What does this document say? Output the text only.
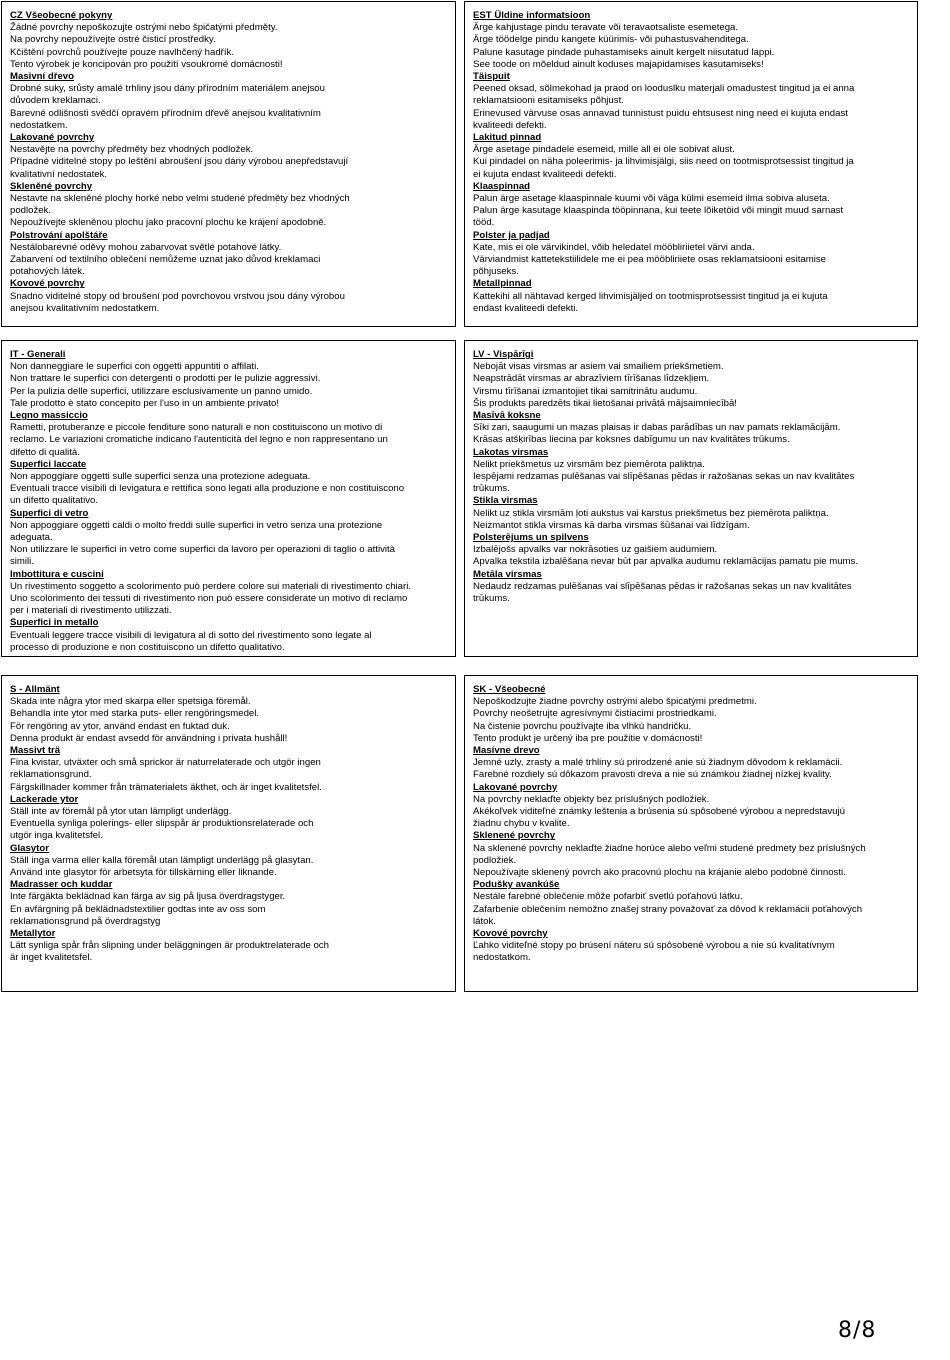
CZ Všeobecné pokyny
Žádné povrchy nepoškozujte ostrými nebo špičatými předměty.
Na povrchy nepoužívejte ostré čisticí prostředky.
Kčištění povrchů používejte pouze navlhčený hadřík.
Tento výrobek je koncipován pro použití vsoukromé domácnosti!
Masivní dřevo
Drobné suky, srůsty amalé trhliny jsou dány přírodním materiálem anejsou
důvodem kreklamaci.
Barevné odlišnosti svědčí opravém přírodním dřevě anejsou kvalitativním
nedostatkem.
Lakované povrchy
Nestavějte na povrchy předměty bez vhodných podložek.
Případné viditelné stopy po leštění abroušení jsou dány výrobou anepředstavují
kvalitativní nedostatek.
Skleněné povrchy
Nestavte na skleněné plochy horké nebo velmi studené předměty bez vhodných
podložek.
Nepoužívejte skleněnou plochu jako pracovní plochu ke krájení apodobně.
Polstrování apolštáře
Nestálobarevné oděvy mohou zabarvovat světlé potahové látky.
Zabarvení od textilního oblečení nemůžeme uznat jako důvod kreklamaci
potahových látek.
Kovové povrchy
Snadno viditelné stopy od broušení pod povrchovou vrstvou jsou dány výrobou
anejsou kvalitativním nedostatkem.
EST Üldine informatsioon
Ärge kahjustage pindu teravate või teravaotsaliste esemetega.
Ärge töödelge pindu kangete küürimis- või puhastusvahenditega.
Palune kasutage pindade puhastamiseks ainult kergelt niisutatud lappi.
See toode on mõeldud ainult koduses majapidamises kasutamiseks!
Täispuit
Peened oksad, sõlmekohad ja praod on looduslku materjali omadustest tingitud ja ei anna
reklamatsiooni esitamiseks põhjust.
Erinevused värvuse osas annavad tunnistust puidu ehtsusest ning need ei kujuta endast
kvaliteedi defekti.
Lakitud pinnad
Ärge asetage pindadele esemeid, mille all ei ole sobivat alust.
Kui pindadel on näha poleerimis- ja lihvimisjälgi, siis need on tootmisprotsessist tingitud ja
ei kujuta endast kvaliteedi defekti.
Klaaspinnad
Palun ärge asetage klaaspinnale kuumi või väga külmi esemeid ilma sobiva aluseta.
Palun ärge kasutage klaaspinda tööpinnana, kui teete lõiketöid või mingit muud sarnast
tööd.
Polster ja padjad
Kate, mis ei ole värvikindel, võib heledatel mööbliriietel värvi anda.
Värviandmist kattetekstiilidele me ei pea mööbliriiete osas reklamatsiooni esitamise
põhjuseks.
Metallpinnad
Kattekihi all nähtavad kerged lihvimisjäljed on tootmisprotsessist tingitud ja ei kujuta
endast kvaliteedi defekti.
IT - Generali
Non danneggiare le superfici con oggetti appuntiti o affilati.
Non trattare le superfici con detergenti o prodotti per le pulizie aggressivi.
Per la pulizia delle superfici, utilizzare esclusivamente un panno umido.
Tale prodotto è stato concepito per l'uso in un ambiente privato!
Legno massiccio
Rametti, protuberanze e piccole fenditure sono naturali e non costituiscono un motivo di
reclamo. Le variazioni cromatiche indicano l'autenticità del legno e non rappresentano un
difetto di qualità.
Superfici laccate
Non appoggiare oggetti sulle superfici senza una protezione adeguata.
Eventuali tracce visibili di levigatura e rettifica sono legati alla produzione e non costituiscono
un difetto qualitativo.
Superfici di vetro
Non appoggiare oggetti caldi o molto freddi sulle superfici in vetro senza una protezione
adeguata.
Non utilizzare le superfici in vetro come superfici da lavoro per operazioni di taglio o attività
simili.
Imbottitura e cuscini
Un rivestimento soggetto a scolorimento può perdere colore sui materiali di rivestimento chiari.
Uno scolorimento dei tessuti di rivestimento non può essere considerate un motivo di reclamo
per i materiali di rivestimento utilizzati.
Superfici in metallo
Eventuali leggere tracce visibili di levigatura al di sotto del rivestimento sono legate al
processo di produzione e non costituiscono un difetto qualitativo.
LV - Vispārīgi
Nebojāt visas virsmas ar asiem vai smailiem priekšmetiem.
Neapstrādāt virsmas ar abrazīviem tīrīšanas līdzekļiem.
Virsmu tīrīšanai izmantojiet tikai samitrinātu audumu.
Šis produkts paredzēts tikai lietošanai privātā mājsaimniecībā!
Masīvā koksne
Sīki zari, saaugumi un mazas plaisas ir dabas parādības un nav pamats reklamācijām.
Krāsas atšķirības liecina par koksnes dabīgumu un nav kvalitātes trūkums.
Lakotas virsmas
Nelikt priekšmetus uz virsmām bez piemērota paliktņa.
Iespējami redzamas pulēšanas vai slīpēšanas pēdas ir ražošanas sekas un nav kvalitātes
trūkums.
Stikla virsmas
Nelikt uz stikla virsmām ļoti aukstus vai karstus priekšmetus bez piemērota paliktņa.
Neizmantot stikla virsmas kā darba virsmas šūšanai vai līdzīgam.
Polsterējums un spilvens
Izbalējošs apvalks var nokrāsoties uz gaišiem audumiem.
Apvalka tekstila izbalēšana nevar būt par apvalka audumu reklamācijas pamatu pie mums.
Metāla virsmas
Nedaudz redzamas pulēšanas vai slīpēšanas pēdas ir ražošanas sekas un nav kvalitātes
trūkums.
S - Allmänt
Skada inte några ytor med skarpa eller spetsiga föremål.
Behandla inte ytor med starka puts- eller rengöringsmedel.
För rengöring av ytor, använd endast en fuktad duk.
Denna produkt är endast avsedd för användning i privata hushåll!
Massivt trä
Fina kvistar, utväxter och små sprickor är naturrelaterade och utgör ingen
reklamationsgrund.
Färgskillnader kommer från trämaterialets äkthet, och är inget kvalitetsfel.
Lackerade ytor
Ställ inte av föremål på ytor utan lämpligt underlägg.
Eventuella synliga polerings- eller slipspår är produktionsrelaterade och
utgör inga kvalitetsfel.
Glasytor
Ställ inga varma eller kalla föremål utan lämpligt underlägg på glasytan.
Använd inte glasytor för arbetsyta för tillskärning eller liknande.
Madrasser och kuddar
Inte färgäkta beklädnad kan färga av sig på ljusa överdragstyger.
En avfärgning på beklädnadstextilier godtas inte av oss som
reklamationsgrund på överdragstyg
Metallytor
Lätt synliga spår från slipning under beläggningen är produktrelaterade och
är inget kvalitetsfel.
SK - Všeobecné
Nepoškodzujte žiadne povrchy ostrými alebo špicatými predmetmi.
Povrchy neošetrujte agresívnymi čistiacimi prostriedkami.
Na čistenie povrchu používajte iba vlhkú handričku.
Tento produkt je určený iba pre použitie v domácnosti!
Masívne drevo
Jemné uzly, zrasty a malé trhliny sú prirodzené anie sú žiadnym dôvodom k reklamácii.
Farebné rozdiely sú dôkazom pravosti dreva a nie sú známkou žiadnej nízkej kvality.
Lakované povrchy
Na povrchy neklaďte objekty bez príslušných podložiek.
Akékoľvek viditeľné známky leštenia a brúsenia sú spôsobené výrobou a nepredstavujú
žiadnu chybu v kvalite.
Sklenené povrchy
Na sklenené povrchy neklaďte žiadne horúce alebo veľmi studené predmety bez príslušných
podložiek.
Nepoužívajte sklenený povrch ako pracovnú plochu na krájanie alebo podobné činnosti.
Podušky avankúše
Nestále farebné oblečenie môže pofarbiť svetlú poťahovú látku.
Zafarbenie oblečením nemožno znašej strany považovať za dôvod k reklamácii poťahových
látok.
Kovové povrchy
Ľahko viditeľné stopy po brúsení náteru sú spôsobené výrobou a nie sú kvalitatívnym
nedostatkom.
8/8
